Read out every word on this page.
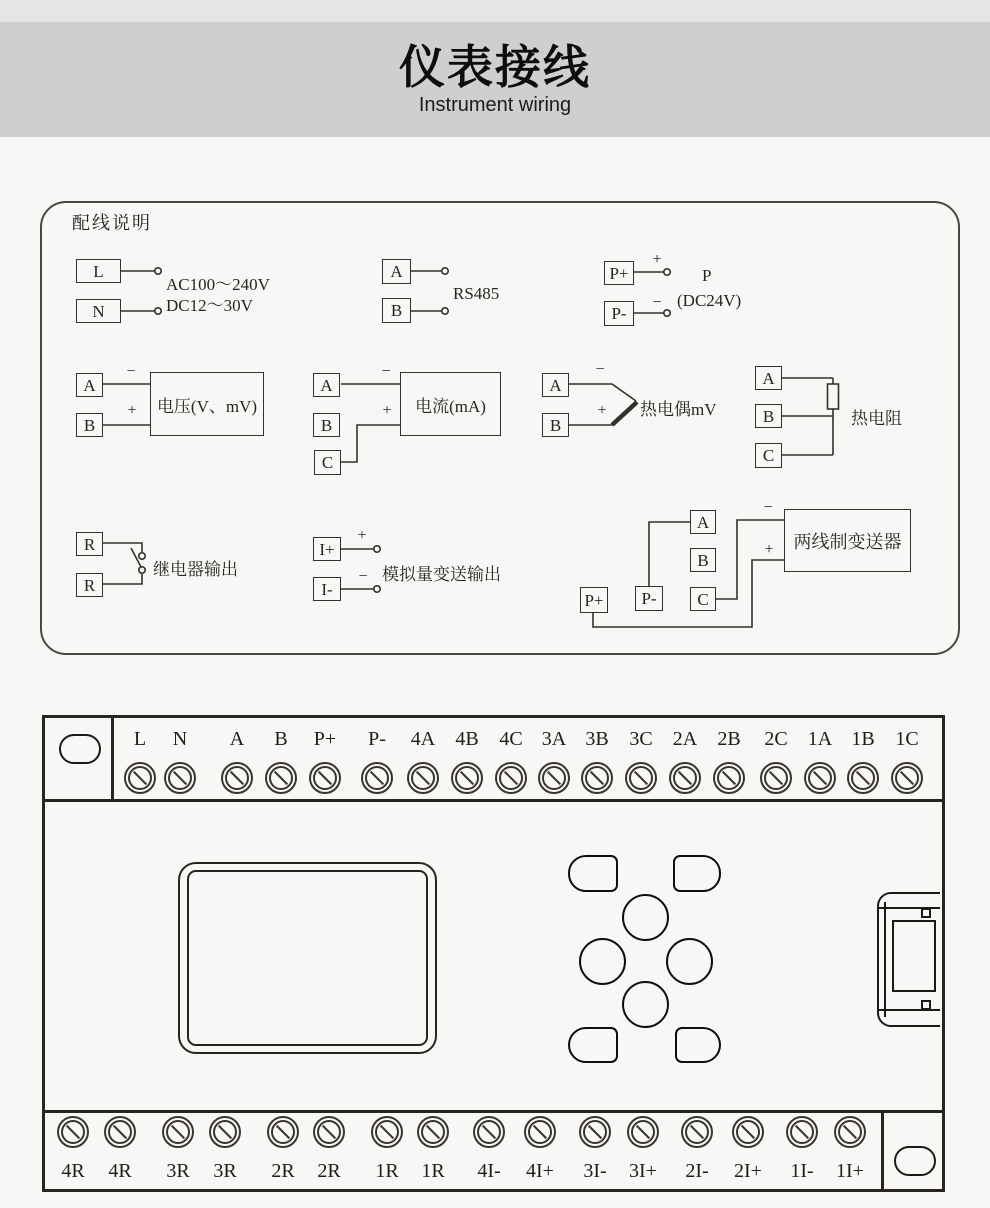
仪表接线
Instrument wiring
配线说明
L
N
AC100～240V
DC12～30V
A
B
RS485
P+
P-
+
−
P
(DC24V)
A
B
−
+	电压(V、mV)
A
B
C
−
+	电流(mA)
A
B
−
+ 热电偶mV
A
B
C
热电阻
R
R
继电器输出
I+
I-
+
− 模拟量变送输出
A
B
C
P+	P-
−
+	两线制变送器
L N A B P+ P- 4A 4B 4C 3A 3B 3C 2A 2B 2C 1A 1B 1C
4R 4R 3R 3R 2R 2R 1R 1R 4I- 4I+ 3I- 3I+ 2I- 2I+ 1I- 1I+
